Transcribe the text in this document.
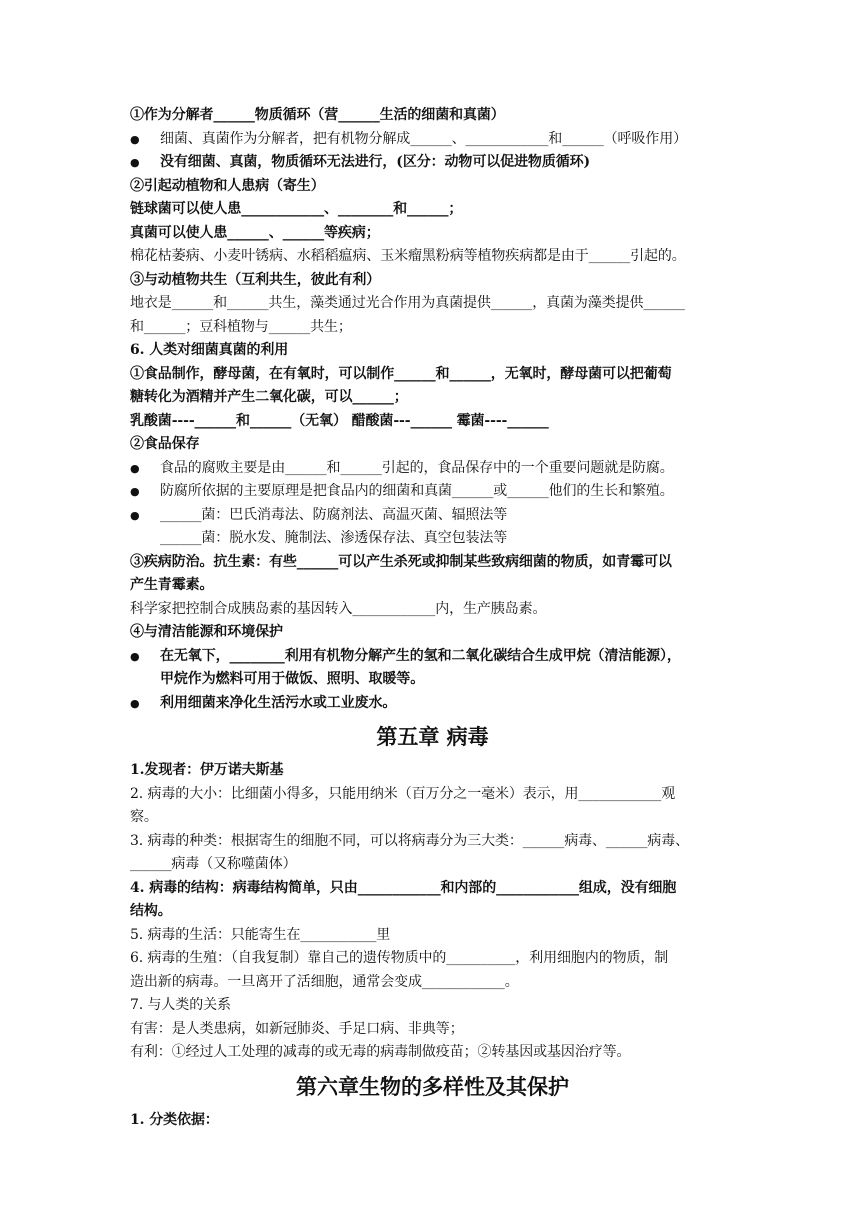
①作为分解者______物质循环（营______生活的细菌和真菌）
● 细菌、真菌作为分解者，把有机物分解成______、____________和______（呼吸作用）
● 没有细菌、真菌，物质循环无法进行，(区分：动物可以促进物质循环)
②引起动植物和人患病（寄生）
链球菌可以使人患____________、________和______；
真菌可以使人患______、______等疾病；
棉花枯萎病、小麦叶锈病、水稻稻瘟病、玉米瘤黑粉病等植物疾病都是由于______引起的。
③与动植物共生（互利共生，彼此有利）
地衣是______和______共生，藻类通过光合作用为真菌提供______，真菌为藻类提供______
和______；豆科植物与______共生；
6. 人类对细菌真菌的利用
①食品制作，酵母菌，在有氧时，可以制作______和______，无氧时，酵母菌可以把葡萄
糖转化为酒精并产生二氧化碳，可以______；
乳酸菌----______和______（无氧） 醋酸菌---______ 霉菌----______
②食品保存
● 食品的腐败主要是由______和______引起的，食品保存中的一个重要问题就是防腐。
● 防腐所依据的主要原理是把食品内的细菌和真菌______或______他们的生长和繁殖。
● ______菌：巴氏消毒法、防腐剂法、高温灭菌、辐照法等
______菌：脱水发、腌制法、渗透保存法、真空包装法等
③疾病防治。抗生素：有些______可以产生杀死或抑制某些致病细菌的物质，如青霉可以
产生青霉素。
科学家把控制合成胰岛素的基因转入____________内，生产胰岛素。
④与清洁能源和环境保护
● 在无氧下，________利用有机物分解产生的氢和二氧化碳结合生成甲烷（清洁能源），
甲烷作为燃料可用于做饭、照明、取暖等。
● 利用细菌来净化生活污水或工业废水。
第五章 病毒
1.发现者：伊万诺夫斯基
2. 病毒的大小：比细菌小得多，只能用纳米（百万分之一毫米）表示，用____________观
察。
3. 病毒的种类：根据寄生的细胞不同，可以将病毒分为三大类：______病毒、______病毒、
______病毒（又称噬菌体）
4. 病毒的结构：病毒结构简单，只由____________和内部的____________组成，没有细胞
结构。
5. 病毒的生活：只能寄生在___________里
6. 病毒的生殖：（自我复制）靠自己的遗传物质中的__________，利用细胞内的物质，制
造出新的病毒。一旦离开了活细胞，通常会变成____________。
7. 与人类的关系
有害：是人类患病，如新冠肺炎、手足口病、非典等；
有利：①经过人工处理的减毒的或无毒的病毒制做疫苗；②转基因或基因治疗等。
第六章生物的多样性及其保护
1. 分类依据：
